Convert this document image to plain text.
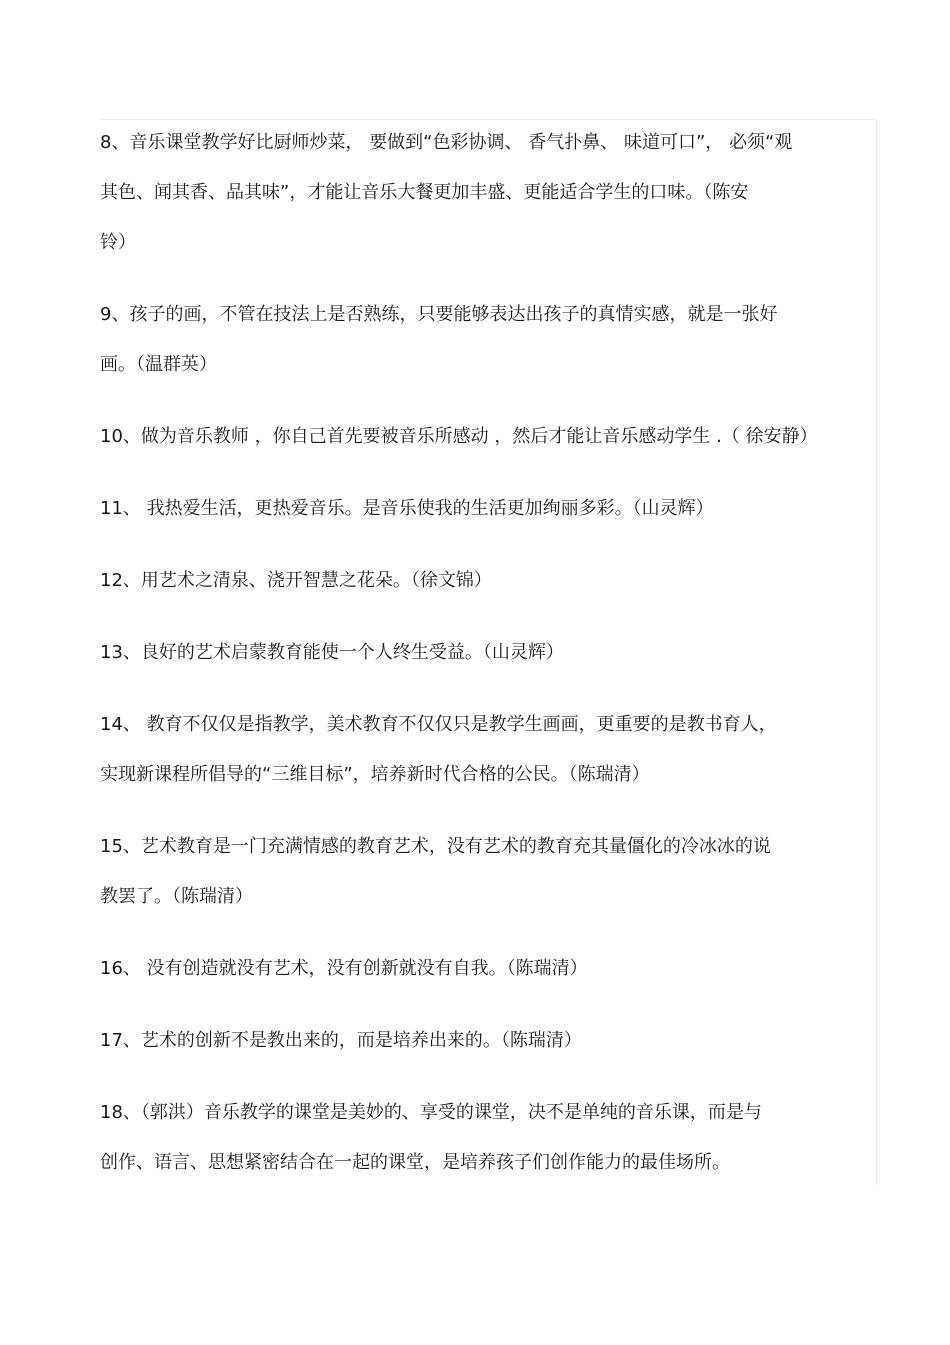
8、音乐课堂教学好比厨师炒菜， 要做到“色彩协调、 香气扑鼻、 味道可口”， 必须“观
其色、闻其香、品其味”，才能让音乐大餐更加丰盛、更能适合学生的口味。（陈安
铃）
9、孩子的画，不管在技法上是否熟练，只要能够表达出孩子的真情实感，就是一张好
画。（温群英）
10、做为音乐教师 ，你自己首先要被音乐所感动 ，然后才能让音乐感动学生 .（ 徐安静）
11、 我热爱生活，更热爱音乐。是音乐使我的生活更加绚丽多彩。（山灵辉）
12、用艺术之清泉、浇开智慧之花朵。（徐文锦）
13、良好的艺术启蒙教育能使一个人终生受益。（山灵辉）
14、 教育不仅仅是指教学，美术教育不仅仅只是教学生画画，更重要的是教书育人，
实现新课程所倡导的“三维目标”，培养新时代合格的公民。（陈瑞清）
15、艺术教育是一门充满情感的教育艺术，没有艺术的教育充其量僵化的冷冰冰的说
教罢了。（陈瑞清）
16、 没有创造就没有艺术，没有创新就没有自我。（陈瑞清）
17、艺术的创新不是教出来的，而是培养出来的。（陈瑞清）
18、（郭洪）音乐教学的课堂是美妙的、享受的课堂，决不是单纯的音乐课，而是与
创作、语言、思想紧密结合在一起的课堂，是培养孩子们创作能力的最佳场所。
